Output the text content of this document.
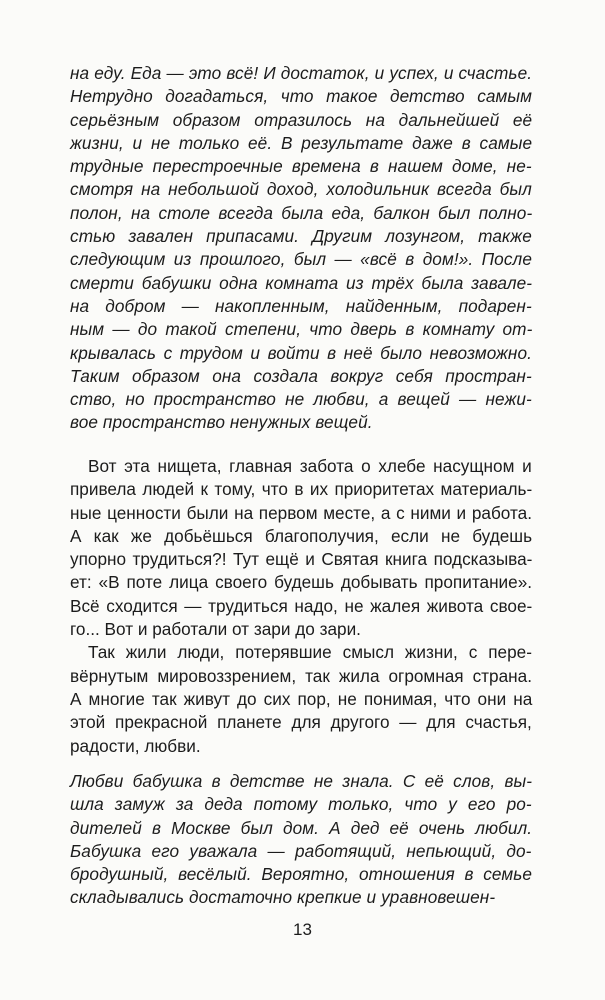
на еду. Еда — это всё! И достаток, и успех, и счастье.
Нетрудно догадаться, что такое детство самым
серьёзным образом отразилось на дальнейшей её
жизни, и не только её. В результате даже в самые
трудные перестроечные времена в нашем доме, не-
смотря на небольшой доход, холодильник всегда был
полон, на столе всегда была еда, балкон был полно-
стью завален припасами. Другим лозунгом, также
следующим из прошлого, был — «всё в дом!». После
смерти бабушки одна комната из трёх была завале-
на добром — накопленным, найденным, подарен-
ным — до такой степени, что дверь в комнату от-
крывалась с трудом и войти в неё было невозможно.
Таким образом она создала вокруг себя простран-
ство, но пространство не любви, а вещей — нежи-
вое пространство ненужных вещей.
Вот эта нищета, главная забота о хлебе насущном и
привела людей к тому, что в их приоритетах материаль-
ные ценности были на первом месте, а с ними и работа.
А как же добьёшься благополучия, если не будешь
упорно трудиться?! Тут ещё и Святая книга подсказыва-
ет: «В поте лица своего будешь добывать пропитание».
Всё сходится — трудиться надо, не жалея живота свое-
го... Вот и работали от зари до зари.
Так жили люди, потерявшие смысл жизни, с пере-
вёрнутым мировоззрением, так жила огромная страна.
А многие так живут до сих пор, не понимая, что они на
этой прекрасной планете для другого — для счастья,
радости, любви.
Любви бабушка в детстве не знала. С её слов, вы-
шла замуж за деда потому только, что у его ро-
дителей в Москве был дом. А дед её очень любил.
Бабушка его уважала — работящий, непьющий, до-
бродушный, весёлый. Вероятно, отношения в семье
складывались достаточно крепкие и уравновешен-
13
